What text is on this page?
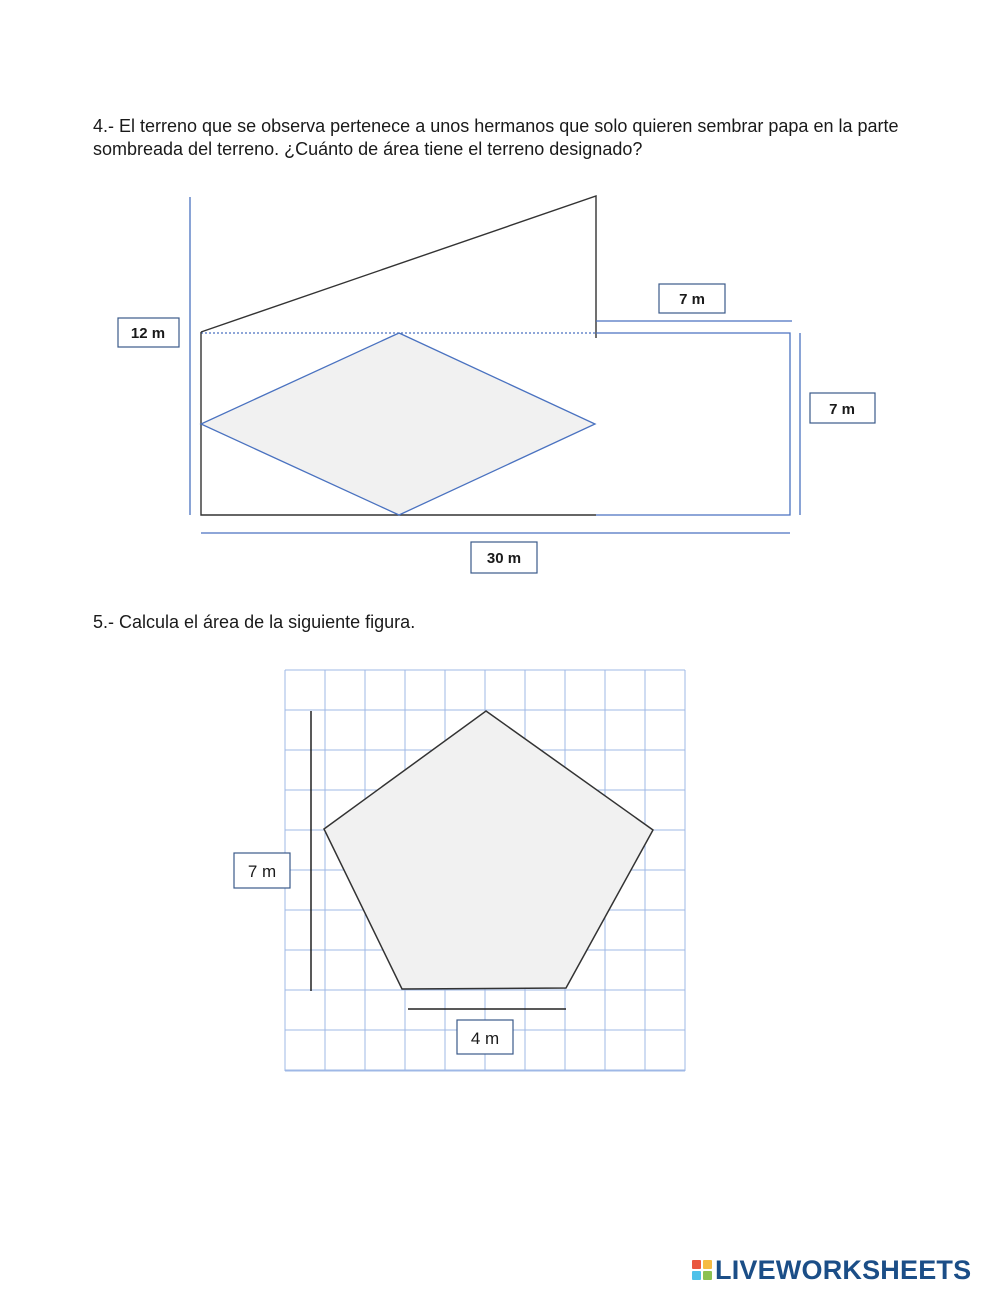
4.- El terreno que se observa pertenece a unos hermanos que solo quieren sembrar papa en la parte sombreada del terreno. ¿Cuánto de área tiene el terreno designado?

12 m
7 m
7 m
30 m

5.- Calcula el área de la siguiente figura.

7 m
4 m
LIVEWORKSHEETS
